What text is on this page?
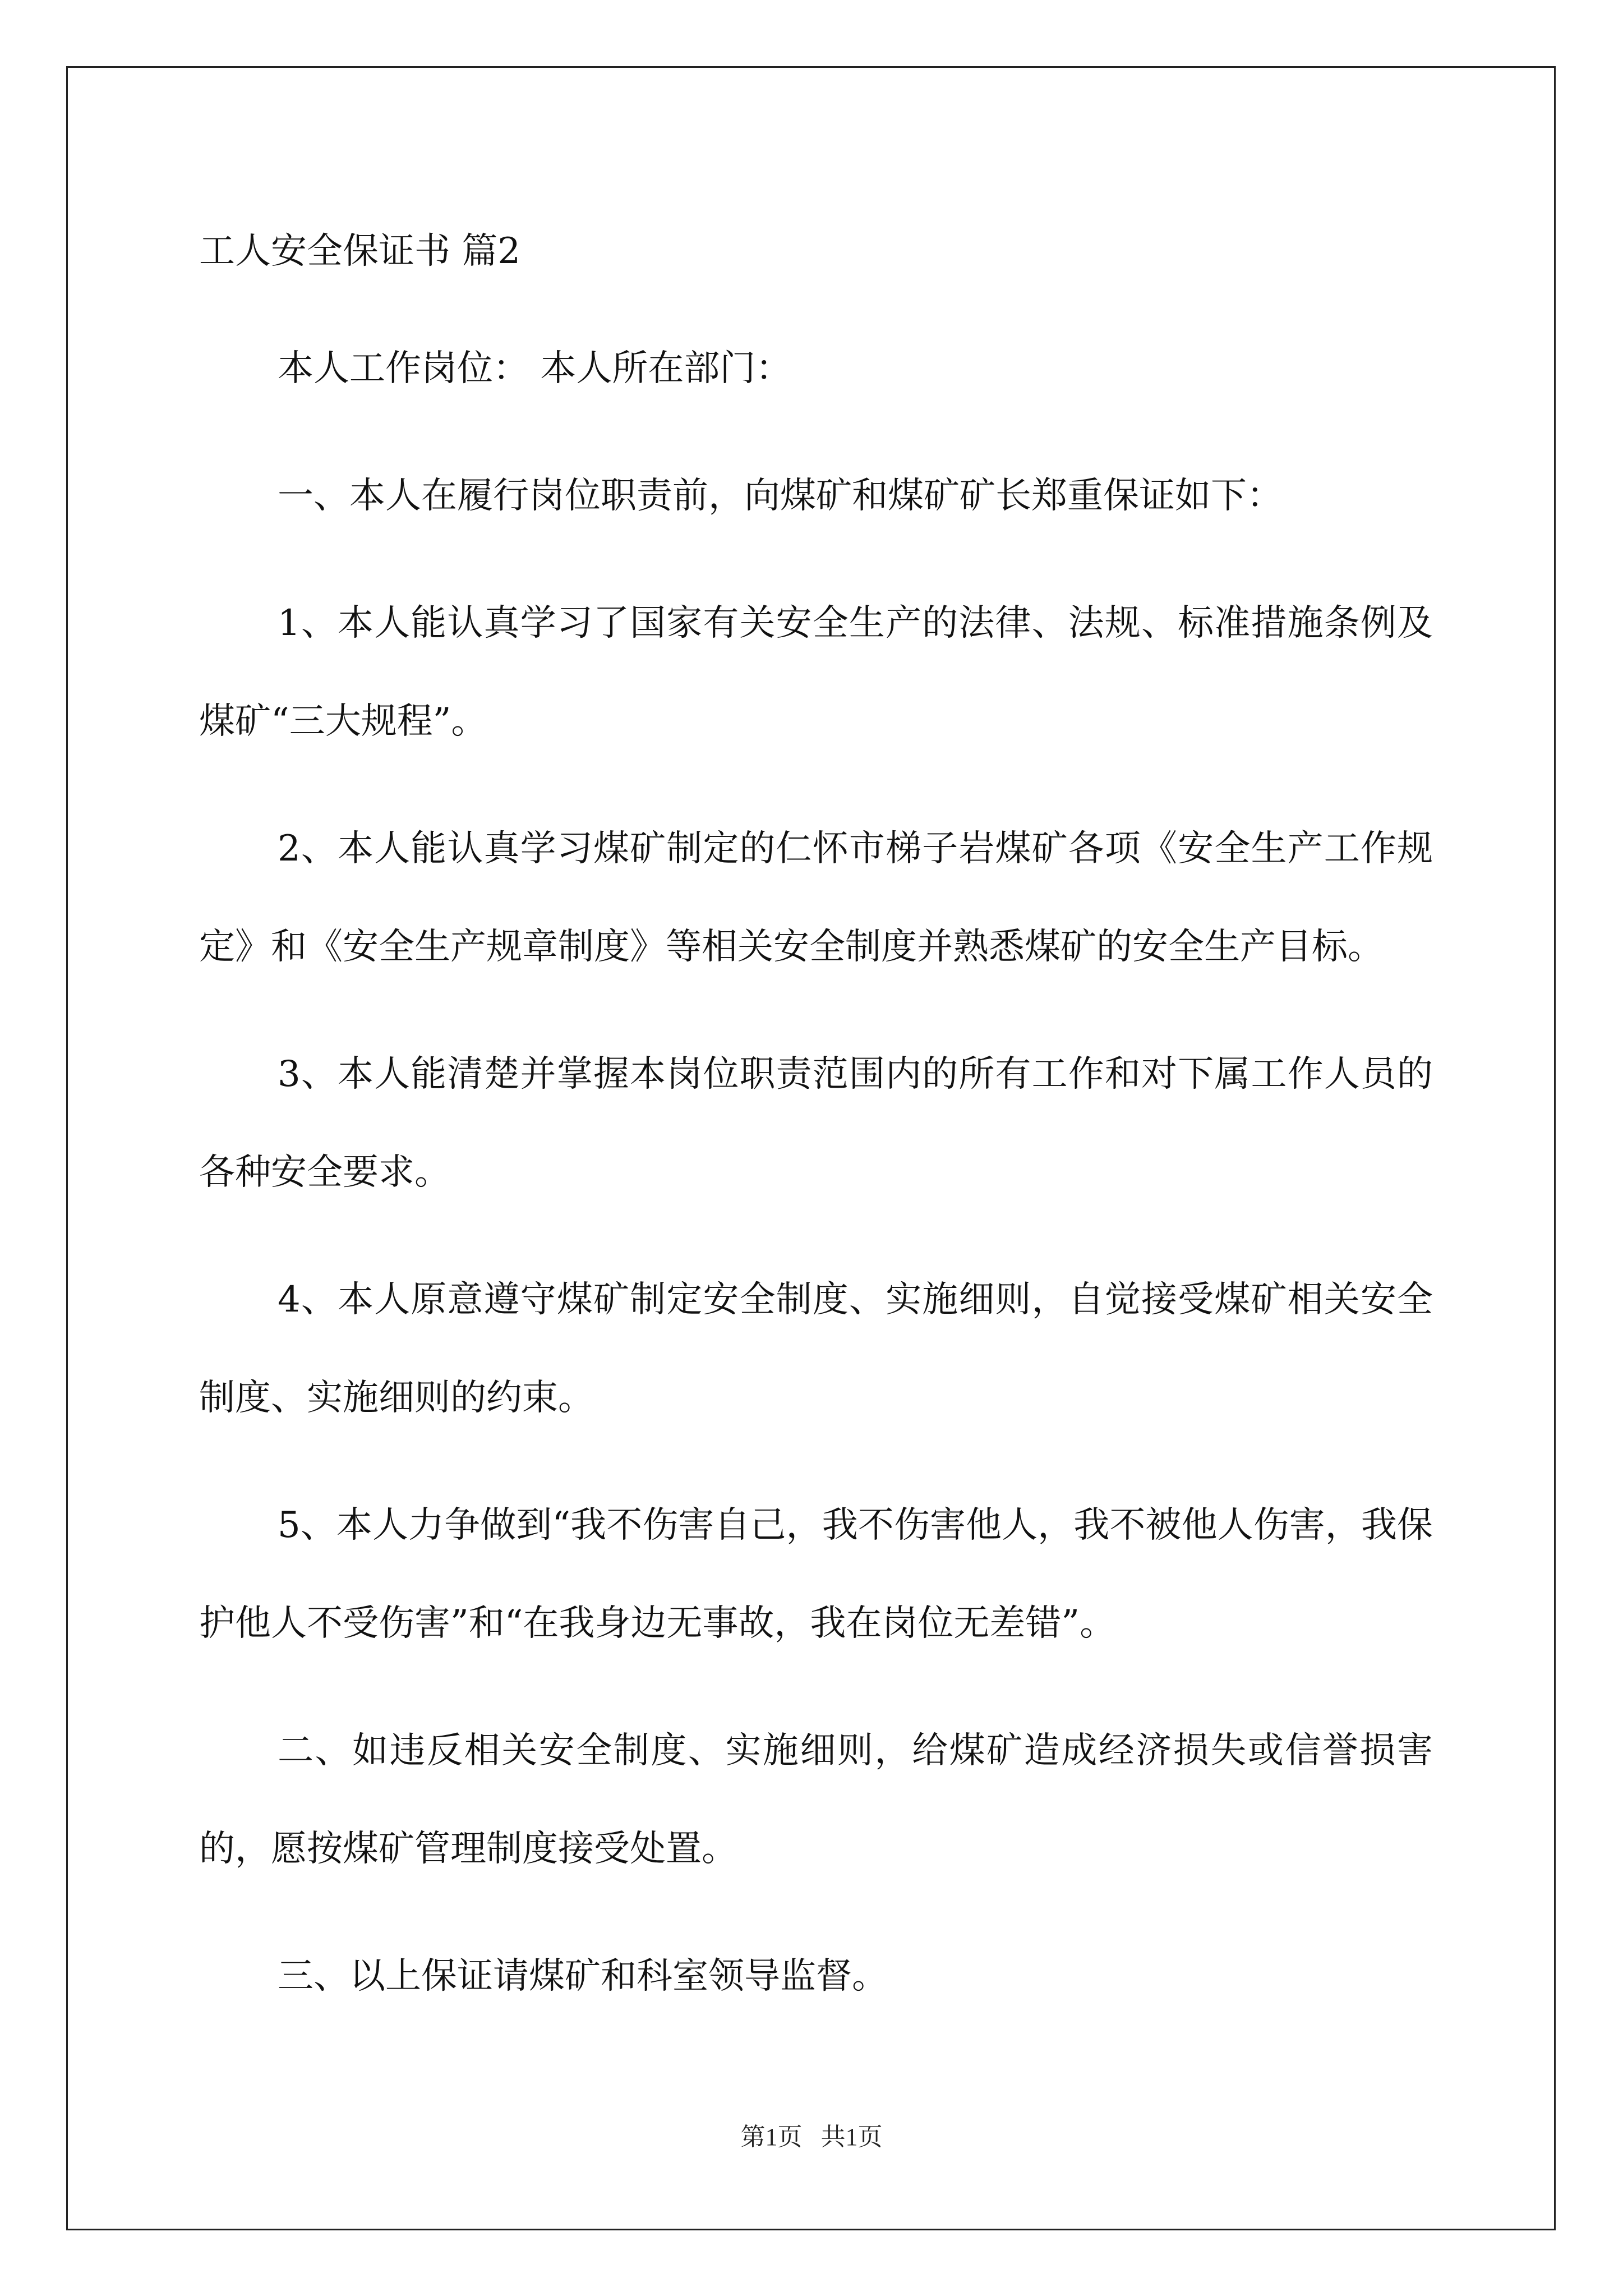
工人安全保证书 篇2

本人工作岗位： 本人所在部门：

一、本人在履行岗位职责前，向煤矿和煤矿矿长郑重保证如下：

1、本人能认真学习了国家有关安全生产的法律、法规、标准措施条例及煤矿“三大规程”。

2、本人能认真学习煤矿制定的仁怀市梯子岩煤矿各项《安全生产工作规定》和《安全生产规章制度》等相关安全制度并熟悉煤矿的安全生产目标。

3、本人能清楚并掌握本岗位职责范围内的所有工作和对下属工作人员的各种安全要求。

4、本人原意遵守煤矿制定安全制度、实施细则，自觉接受煤矿相关安全制度、实施细则的约束。

5、本人力争做到“我不伤害自己，我不伤害他人，我不被他人伤害，我保护他人不受伤害”和“在我身边无事故，我在岗位无差错”。

二、如违反相关安全制度、实施细则，给煤矿造成经济损失或信誉损害的，愿按煤矿管理制度接受处置。

三、以上保证请煤矿和科室领导监督。

第1页   共1页
